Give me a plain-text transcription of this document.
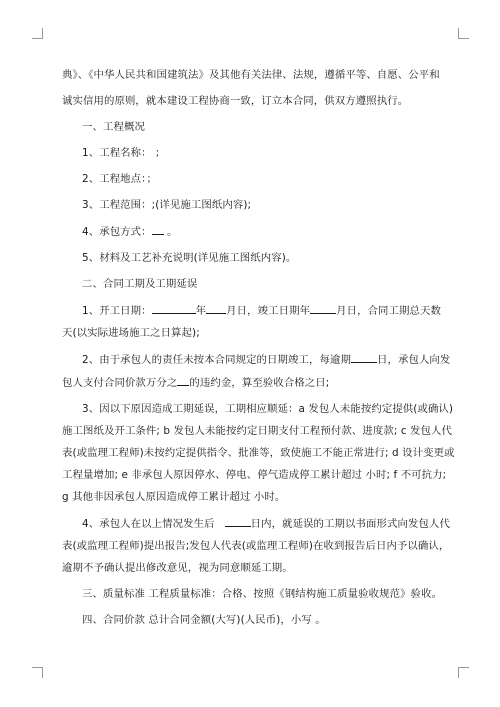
典》、《中华人民共和国建筑法》及其他有关法律、法规，遵循平等、自愿、公平和
诚实信用的原则，就本建设工程协商一致，订立本合同，供双方遵照执行。
一、工程概况
1、工程名称： ；
2、工程地点：；
3、工程范围：;(详见施工图纸内容);
4、承包方式： 。
5、材料及工艺补充说明(详见施工图纸内容)。
二、合同工期及工期延误
1、开工日期：	年 月日，竣工日期年	月日，合同工期总天数
天(以实际进场施工之日算起);
2、由于承包人的责任未按本合同规定的日期竣工，每逾期	日，承包人向发
包人支付合同价款万分之 的违约金，算至验收合格之日;
3、因以下原因造成工期延误，工期相应顺延：a 发包人未能按约定提供(或确认)
施工图纸及开工条件; b 发包人未能按约定日期支付工程预付款、进度款; c 发包人代
表(或监理工程师)未按约定提供指令、批准等，致使施工不能正常进行; d 设计变更或
工程量增加; e 非承包人原因停水、停电、停气造成停工累计超过 小时; f 不可抗力;
g 其他非因承包人原因造成停工累计超过 小时。
4、承包人在以上情况发生后	日内，就延误的工期以书面形式向发包人代
表(或监理工程师)提出报告;发包人代表(或监理工程师)在收到报告后日内予以确认，
逾期不予确认提出修改意见，视为同意顺延工期。
三、质量标准 工程质量标准：合格、按照《钢结构施工质量验收规范》验收。
四、合同价款 总计合同金额(大写)(人民币)，小写 。
